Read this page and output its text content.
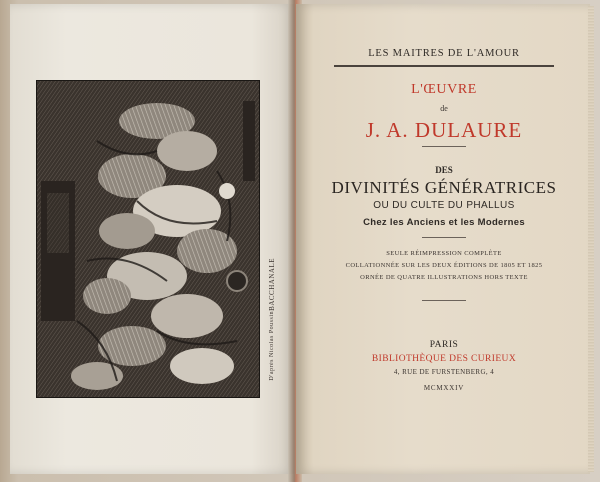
BACCHANALE
D'après Nicolas Poussin
LES MAITRES DE L'AMOUR
L'ŒUVRE
de
J. A. DULAURE
DES
DIVINITÉS GÉNÉRATRICES
OU DU CULTE DU PHALLUS
Chez les Anciens et les Modernes
SEULE RÉIMPRESSION COMPLÈTE
COLLATIONNÉE SUR LES DEUX ÉDITIONS DE 1805 ET 1825
ORNÉE DE QUATRE ILLUSTRATIONS HORS TEXTE
PARIS
BIBLIOTHÈQUE DES CURIEUX
4, RUE DE FURSTENBERG, 4
MCMXXIV
